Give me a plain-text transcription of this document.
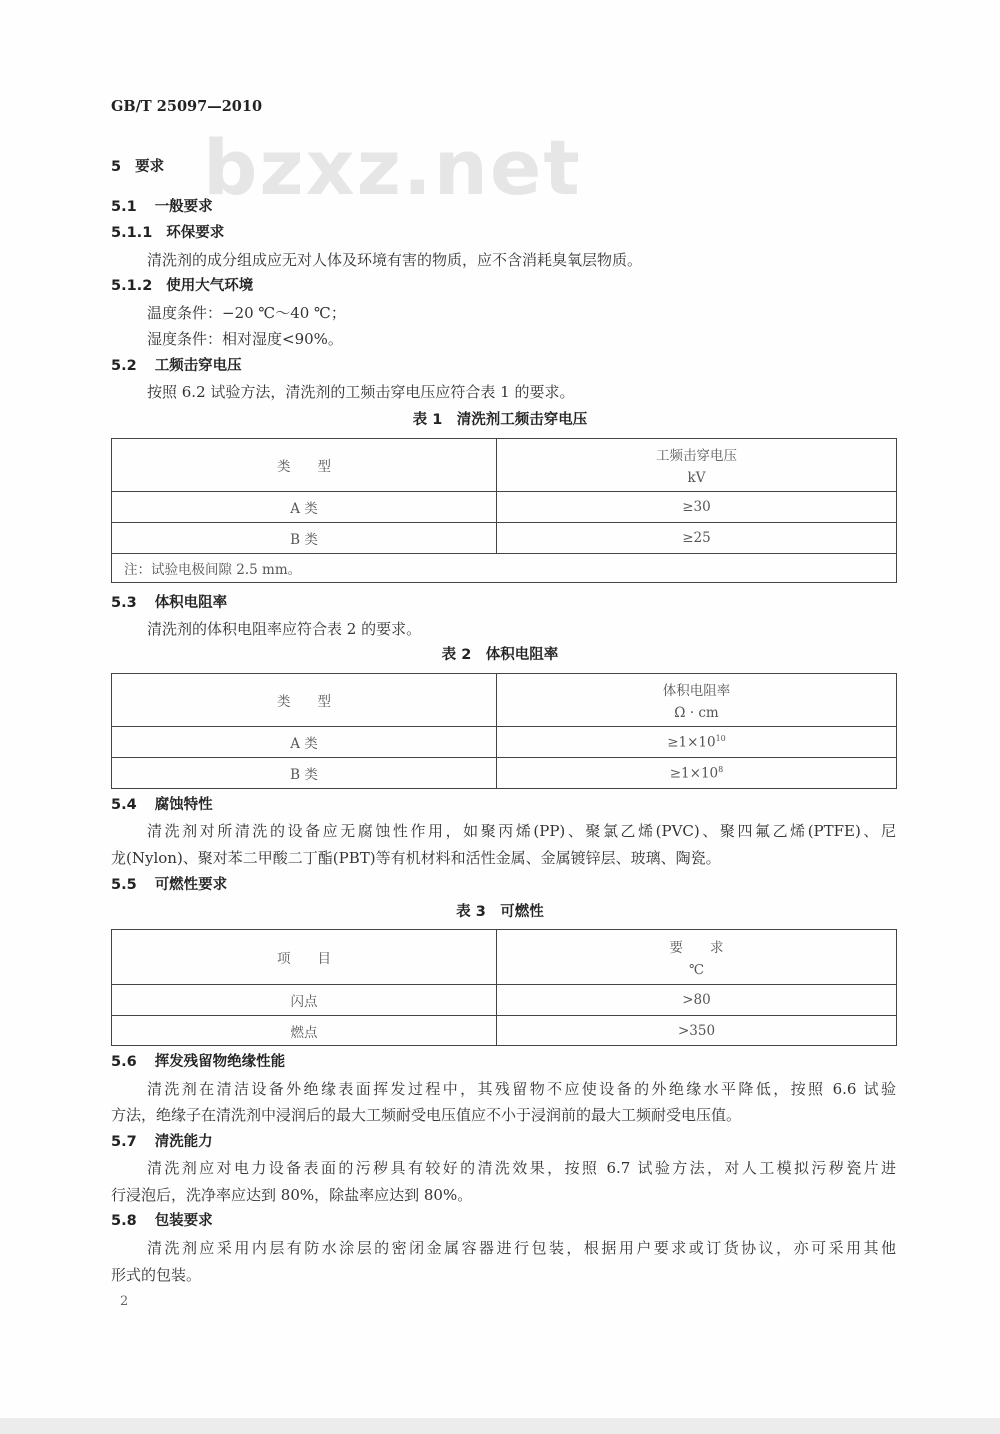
bzxz.net
GB/T 25097—2010
5 要求
5.1 一般要求
5.1.1 环保要求
清洗剂的成分组成应无对人体及环境有害的物质，应不含消耗臭氧层物质。
5.1.2 使用大气环境
温度条件：−20 ℃～40 ℃；
湿度条件：相对湿度<90%。
5.2 工频击穿电压
按照 6.2 试验方法，清洗剂的工频击穿电压应符合表 1 的要求。
表 1　清洗剂工频击穿电压
类　　型	工频击穿电压
kV

A 类	≥30
B 类	≥25
注：试验电极间隙 2.5 mm。	
5.3 体积电阻率
清洗剂的体积电阻率应符合表 2 的要求。
表 2　体积电阻率
类　　型	体积电阻率
Ω · cm

A 类	$\ge 1\times 10^{10}$
B 类	$\ge 1\times 10^8$
5.4 腐蚀特性
清洗剂对所清洗的设备应无腐蚀性作用，如聚丙烯(PP)、聚氯乙烯(PVC)、聚四氟乙烯(PTFE)、尼
龙(Nylon)、聚对苯二甲酸二丁酯(PBT)等有机材料和活性金属、金属镀锌层、玻璃、陶瓷。
5.5 可燃性要求
表 3　可燃性
项　　目	要　　求
℃

闪点	>80
燃点	>350
5.6 挥发残留物绝缘性能
清洗剂在清洁设备外绝缘表面挥发过程中，其残留物不应使设备的外绝缘水平降低，按照 6.6 试验
方法，绝缘子在清洗剂中浸润后的最大工频耐受电压值应不小于浸润前的最大工频耐受电压值。
5.7 清洗能力
清洗剂应对电力设备表面的污秽具有较好的清洗效果，按照 6.7 试验方法，对人工模拟污秽瓷片进
行浸泡后，洗净率应达到 80%，除盐率应达到 80%。
5.8 包装要求
清洗剂应采用内层有防水涂层的密闭金属容器进行包装，根据用户要求或订货协议，亦可采用其他
形式的包装。
2
